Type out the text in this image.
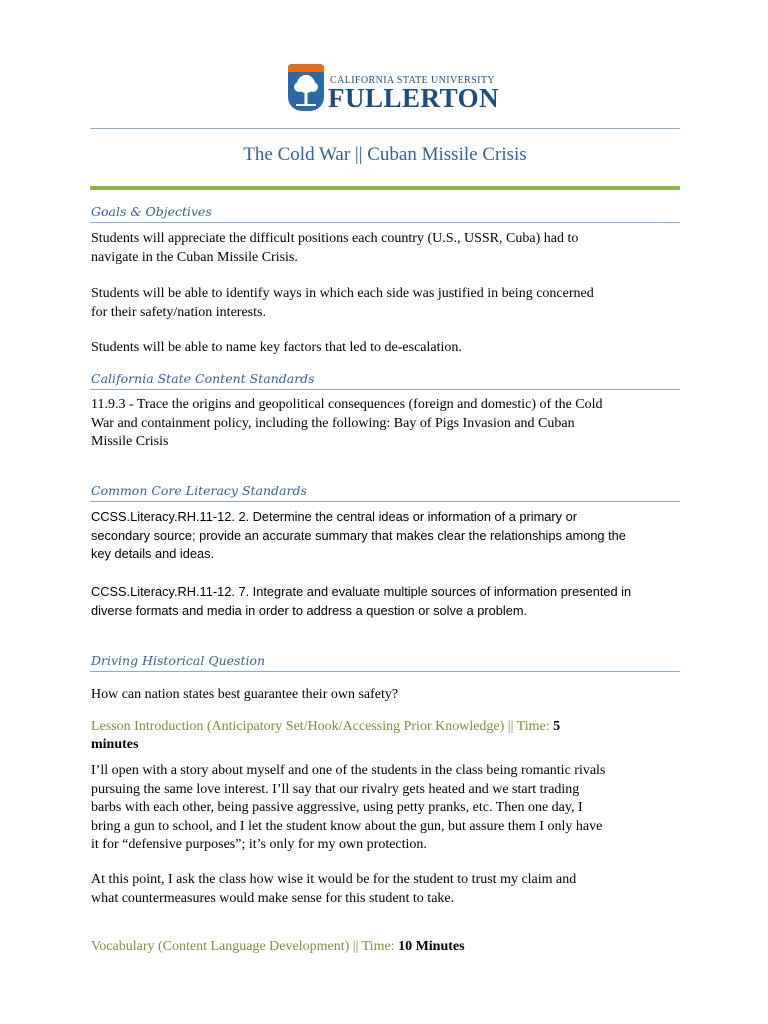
CALIFORNIA STATE UNIVERSITY
FULLERTON
The Cold War || Cuban Missile Crisis
Goals & Objectives
Students will appreciate the difficult positions each country (U.S., USSR, Cuba) had to
navigate in the Cuban Missile Crisis.
Students will be able to identify ways in which each side was justified in being concerned
for their safety/nation interests.
Students will be able to name key factors that led to de-escalation.
California State Content Standards
11.9.3 - Trace the origins and geopolitical consequences (foreign and domestic) of the Cold
War and containment policy, including the following: Bay of Pigs Invasion and Cuban
Missile Crisis
Common Core Literacy Standards
CCSS.Literacy.RH.11-12. 2. Determine the central ideas or information of a primary or
secondary source; provide an accurate summary that makes clear the relationships among the
key details and ideas.
CCSS.Literacy.RH.11-12. 7. Integrate and evaluate multiple sources of information presented in
diverse formats and media in order to address a question or solve a problem.
Driving Historical Question
How can nation states best guarantee their own safety?
Lesson Introduction (Anticipatory Set/Hook/Accessing Prior Knowledge) || Time: 5
minutes
I’ll open with a story about myself and one of the students in the class being romantic rivals
pursuing the same love interest. I’ll say that our rivalry gets heated and we start trading
barbs with each other, being passive aggressive, using petty pranks, etc. Then one day, I
bring a gun to school, and I let the student know about the gun, but assure them I only have
it for “defensive purposes”; it’s only for my own protection.
At this point, I ask the class how wise it would be for the student to trust my claim and
what countermeasures would make sense for this student to take.
Vocabulary (Content Language Development) || Time: 10 Minutes
